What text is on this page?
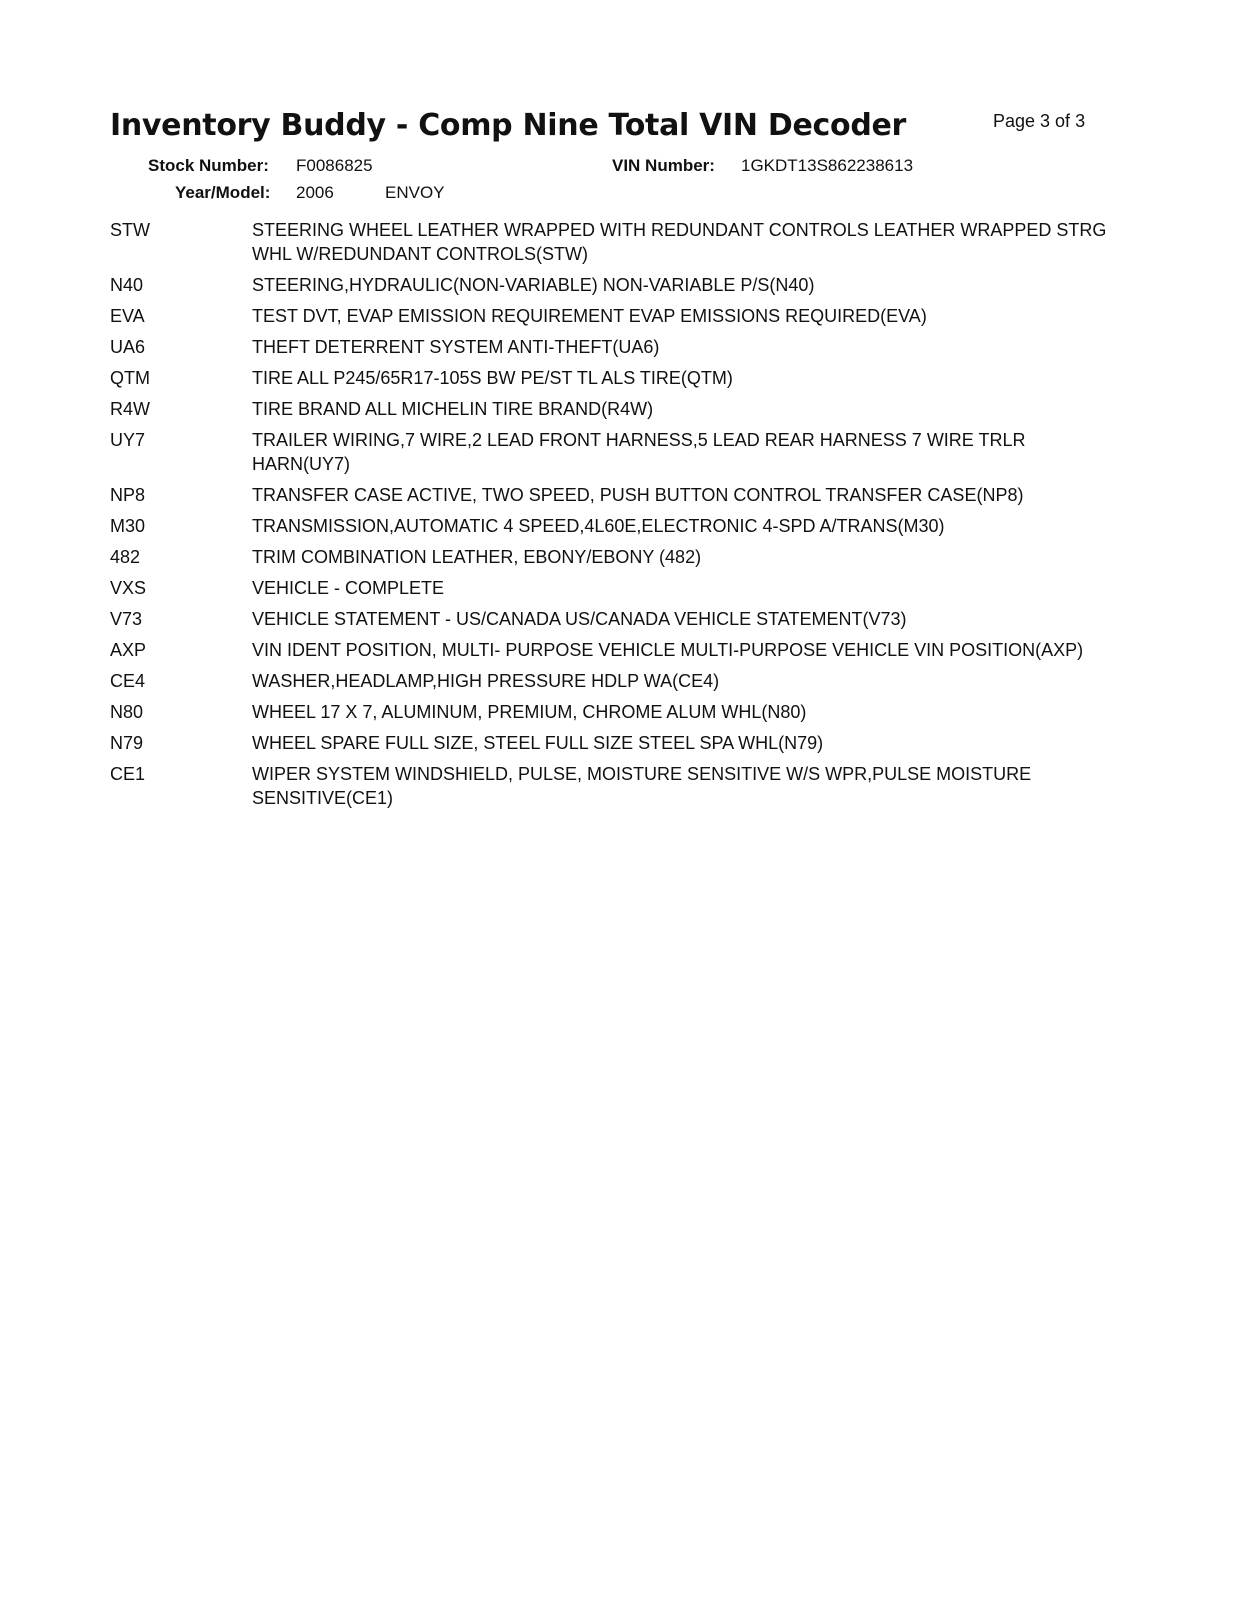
Inventory Buddy - Comp Nine Total VIN Decoder	Page 3 of 3
Stock Number: F0086825	VIN Number: 1GKDT13S862238613
Year/Model: 2006	ENVOY
STW	STEERING WHEEL LEATHER WRAPPED WITH REDUNDANT CONTROLS LEATHER WRAPPED STRG WHL W/REDUNDANT CONTROLS(STW)
N40	STEERING,HYDRAULIC(NON-VARIABLE) NON-VARIABLE P/S(N40)
EVA	TEST DVT, EVAP EMISSION REQUIREMENT EVAP EMISSIONS REQUIRED(EVA)
UA6	THEFT DETERRENT SYSTEM ANTI-THEFT(UA6)
QTM	TIRE ALL P245/65R17-105S BW PE/ST TL ALS TIRE(QTM)
R4W	TIRE BRAND ALL MICHELIN TIRE BRAND(R4W)
UY7	TRAILER WIRING,7 WIRE,2 LEAD FRONT HARNESS,5 LEAD REAR HARNESS 7 WIRE TRLR HARN(UY7)
NP8	TRANSFER CASE ACTIVE, TWO SPEED, PUSH BUTTON CONTROL TRANSFER CASE(NP8)
M30	TRANSMISSION,AUTOMATIC 4 SPEED,4L60E,ELECTRONIC 4-SPD A/TRANS(M30)
482	TRIM COMBINATION LEATHER, EBONY/EBONY (482)
VXS	VEHICLE - COMPLETE
V73	VEHICLE STATEMENT - US/CANADA US/CANADA VEHICLE STATEMENT(V73)
AXP	VIN IDENT POSITION, MULTI- PURPOSE VEHICLE MULTI-PURPOSE VEHICLE VIN POSITION(AXP)
CE4	WASHER,HEADLAMP,HIGH PRESSURE HDLP WA(CE4)
N80	WHEEL 17 X 7, ALUMINUM, PREMIUM, CHROME ALUM WHL(N80)
N79	WHEEL SPARE FULL SIZE, STEEL FULL SIZE STEEL SPA WHL(N79)
CE1	WIPER SYSTEM WINDSHIELD, PULSE, MOISTURE SENSITIVE W/S WPR,PULSE MOISTURE SENSITIVE(CE1)
